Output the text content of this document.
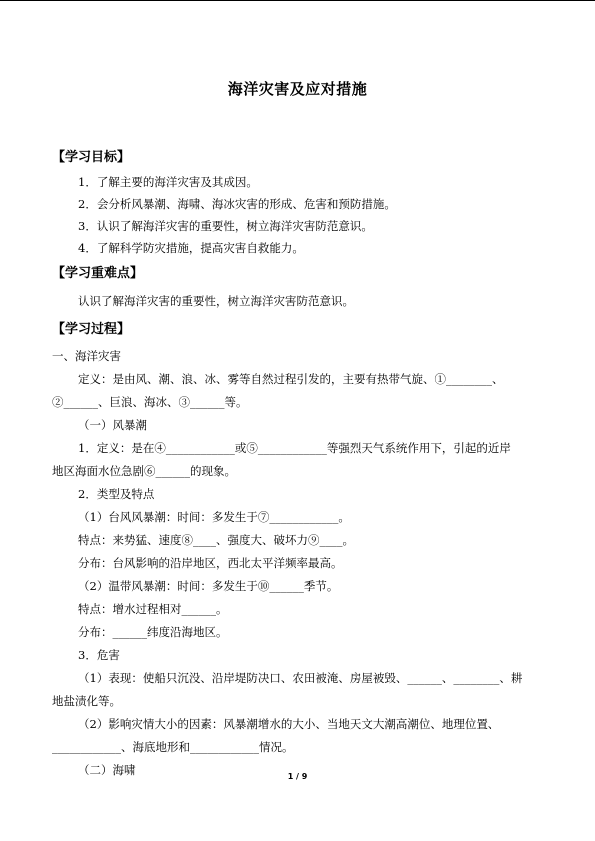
海洋灾害及应对措施
【学习目标】
1．了解主要的海洋灾害及其成因。
2．会分析风暴潮、海啸、海冰灾害的形成、危害和预防措施。
3．认识了解海洋灾害的重要性，树立海洋灾害防范意识。
4．了解科学防灾措施，提高灾害自救能力。
【学习重难点】
认识了解海洋灾害的重要性，树立海洋灾害防范意识。
【学习过程】
一、海洋灾害
定义：是由风、潮、浪、冰、雾等自然过程引发的，主要有热带气旋、①________、
②______、巨浪、海冰、③______等。
（一）风暴潮
1．定义：是在④____________或⑤____________等强烈天气系统作用下，引起的近岸
地区海面水位急剧⑥______的现象。
2．类型及特点
（1）台风风暴潮：时间：多发生于⑦____________。
特点：来势猛、速度⑧____、强度大、破坏力⑨____。
分布：台风影响的沿岸地区，西北太平洋频率最高。
（2）温带风暴潮：时间：多发生于⑩______季节。
特点：增水过程相对______。
分布：______纬度沿海地区。
3．危害
（1）表现：使船只沉没、沿岸堤防决口、农田被淹、房屋被毁、______、________、耕
地盐渍化等。
（2）影响灾情大小的因素：风暴潮增水的大小、当地天文大潮高潮位、地理位置、
____________、海底地形和____________情况。
（二）海啸	1 / 9
